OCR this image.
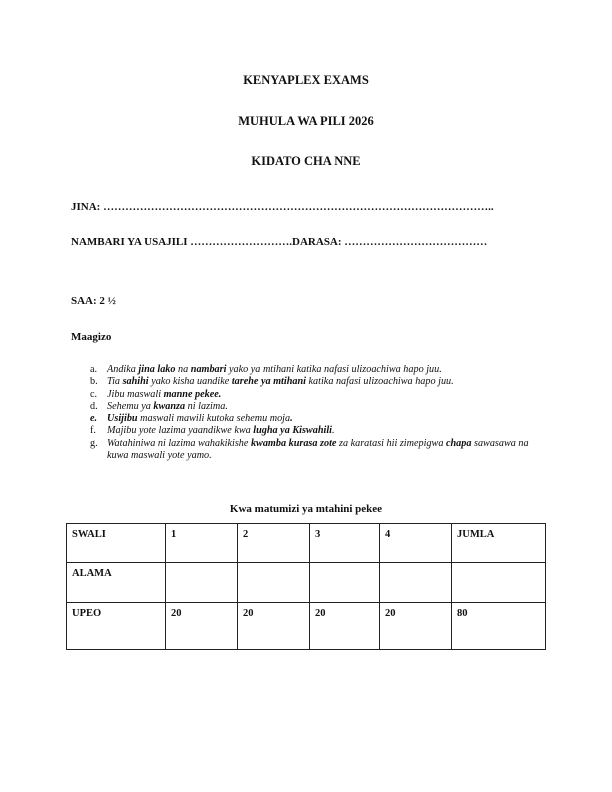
KENYAPLEX EXAMS
MUHULA WA PILI 2026
KIDATO CHA NNE
JINA: ……………………………………………………………………………………………..
NAMBARI YA USAJILI ……………………….DARASA: …………………………………
SAA: 2 ½
Maagizo
a. Andika jina lako na nambari yako ya mtihani katika nafasi ulizoachiwa hapo juu.
b. Tia sahihi yako kisha uandike tarehe ya mtihani katika nafasi ulizoachiwa hapo juu.
c. Jibu maswali manne pekee.
d. Sehemu ya kwanza ni lazima.
e. Usijibu maswali mawili kutoka sehemu moja.
f. Majibu yote lazima yaandikwe kwa lugha ya Kiswahili.
g. Watahiniwa ni lazima wahakikishe kwamba kurasa zote za karatasi hii zimepigwa chapa sawasawa na kuwa maswali yote yamo.
Kwa matumizi ya mtahini pekee
SWALI	1	2	3	4	JUMLA
ALAMA					
UPEO	20	20	20	20	80
